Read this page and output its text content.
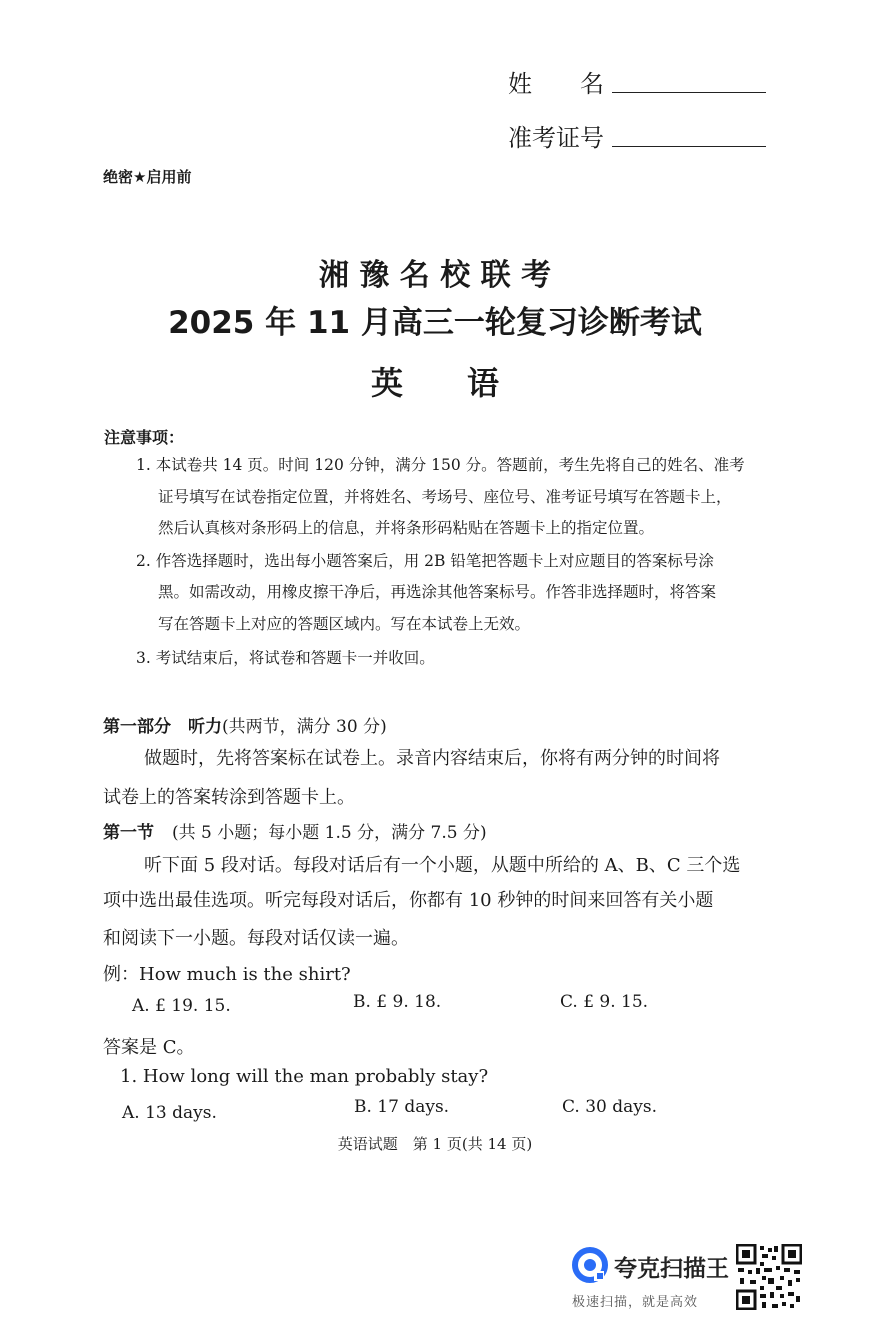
姓　　名
准考证号
绝密★启用前
湘 豫 名 校 联 考
2025 年 11 月高三一轮复习诊断考试
英　　语
注意事项：
1. 本试卷共 14 页。时间 120 分钟，满分 150 分。答题前，考生先将自己的姓名、准考
证号填写在试卷指定位置，并将姓名、考场号、座位号、准考证号填写在答题卡上，
然后认真核对条形码上的信息，并将条形码粘贴在答题卡上的指定位置。
2. 作答选择题时，选出每小题答案后，用 2B 铅笔把答题卡上对应题目的答案标号涂
黑。如需改动，用橡皮擦干净后，再选涂其他答案标号。作答非选择题时，将答案
写在答题卡上对应的答题区域内。写在本试卷上无效。
3. 考试结束后，将试卷和答题卡一并收回。
第一部分　听力(共两节，满分 30 分)
做题时，先将答案标在试卷上。录音内容结束后，你将有两分钟的时间将
试卷上的答案转涂到答题卡上。
第一节 (共 5 小题；每小题 1.5 分，满分 7.5 分)
听下面 5 段对话。每段对话后有一个小题，从题中所给的 A、B、C 三个选
项中选出最佳选项。听完每段对话后，你都有 10 秒钟的时间来回答有关小题
和阅读下一小题。每段对话仅读一遍。
例：How much is the shirt?
A. £ 19. 15.	B. £ 9. 18.	C. £ 9. 15.
答案是 C。
1. How long will the man probably stay?
A. 13 days.	B. 17 days.	C. 30 days.
英语试题　第 1 页(共 14 页)
夸克扫描王
极速扫描，就是高效
